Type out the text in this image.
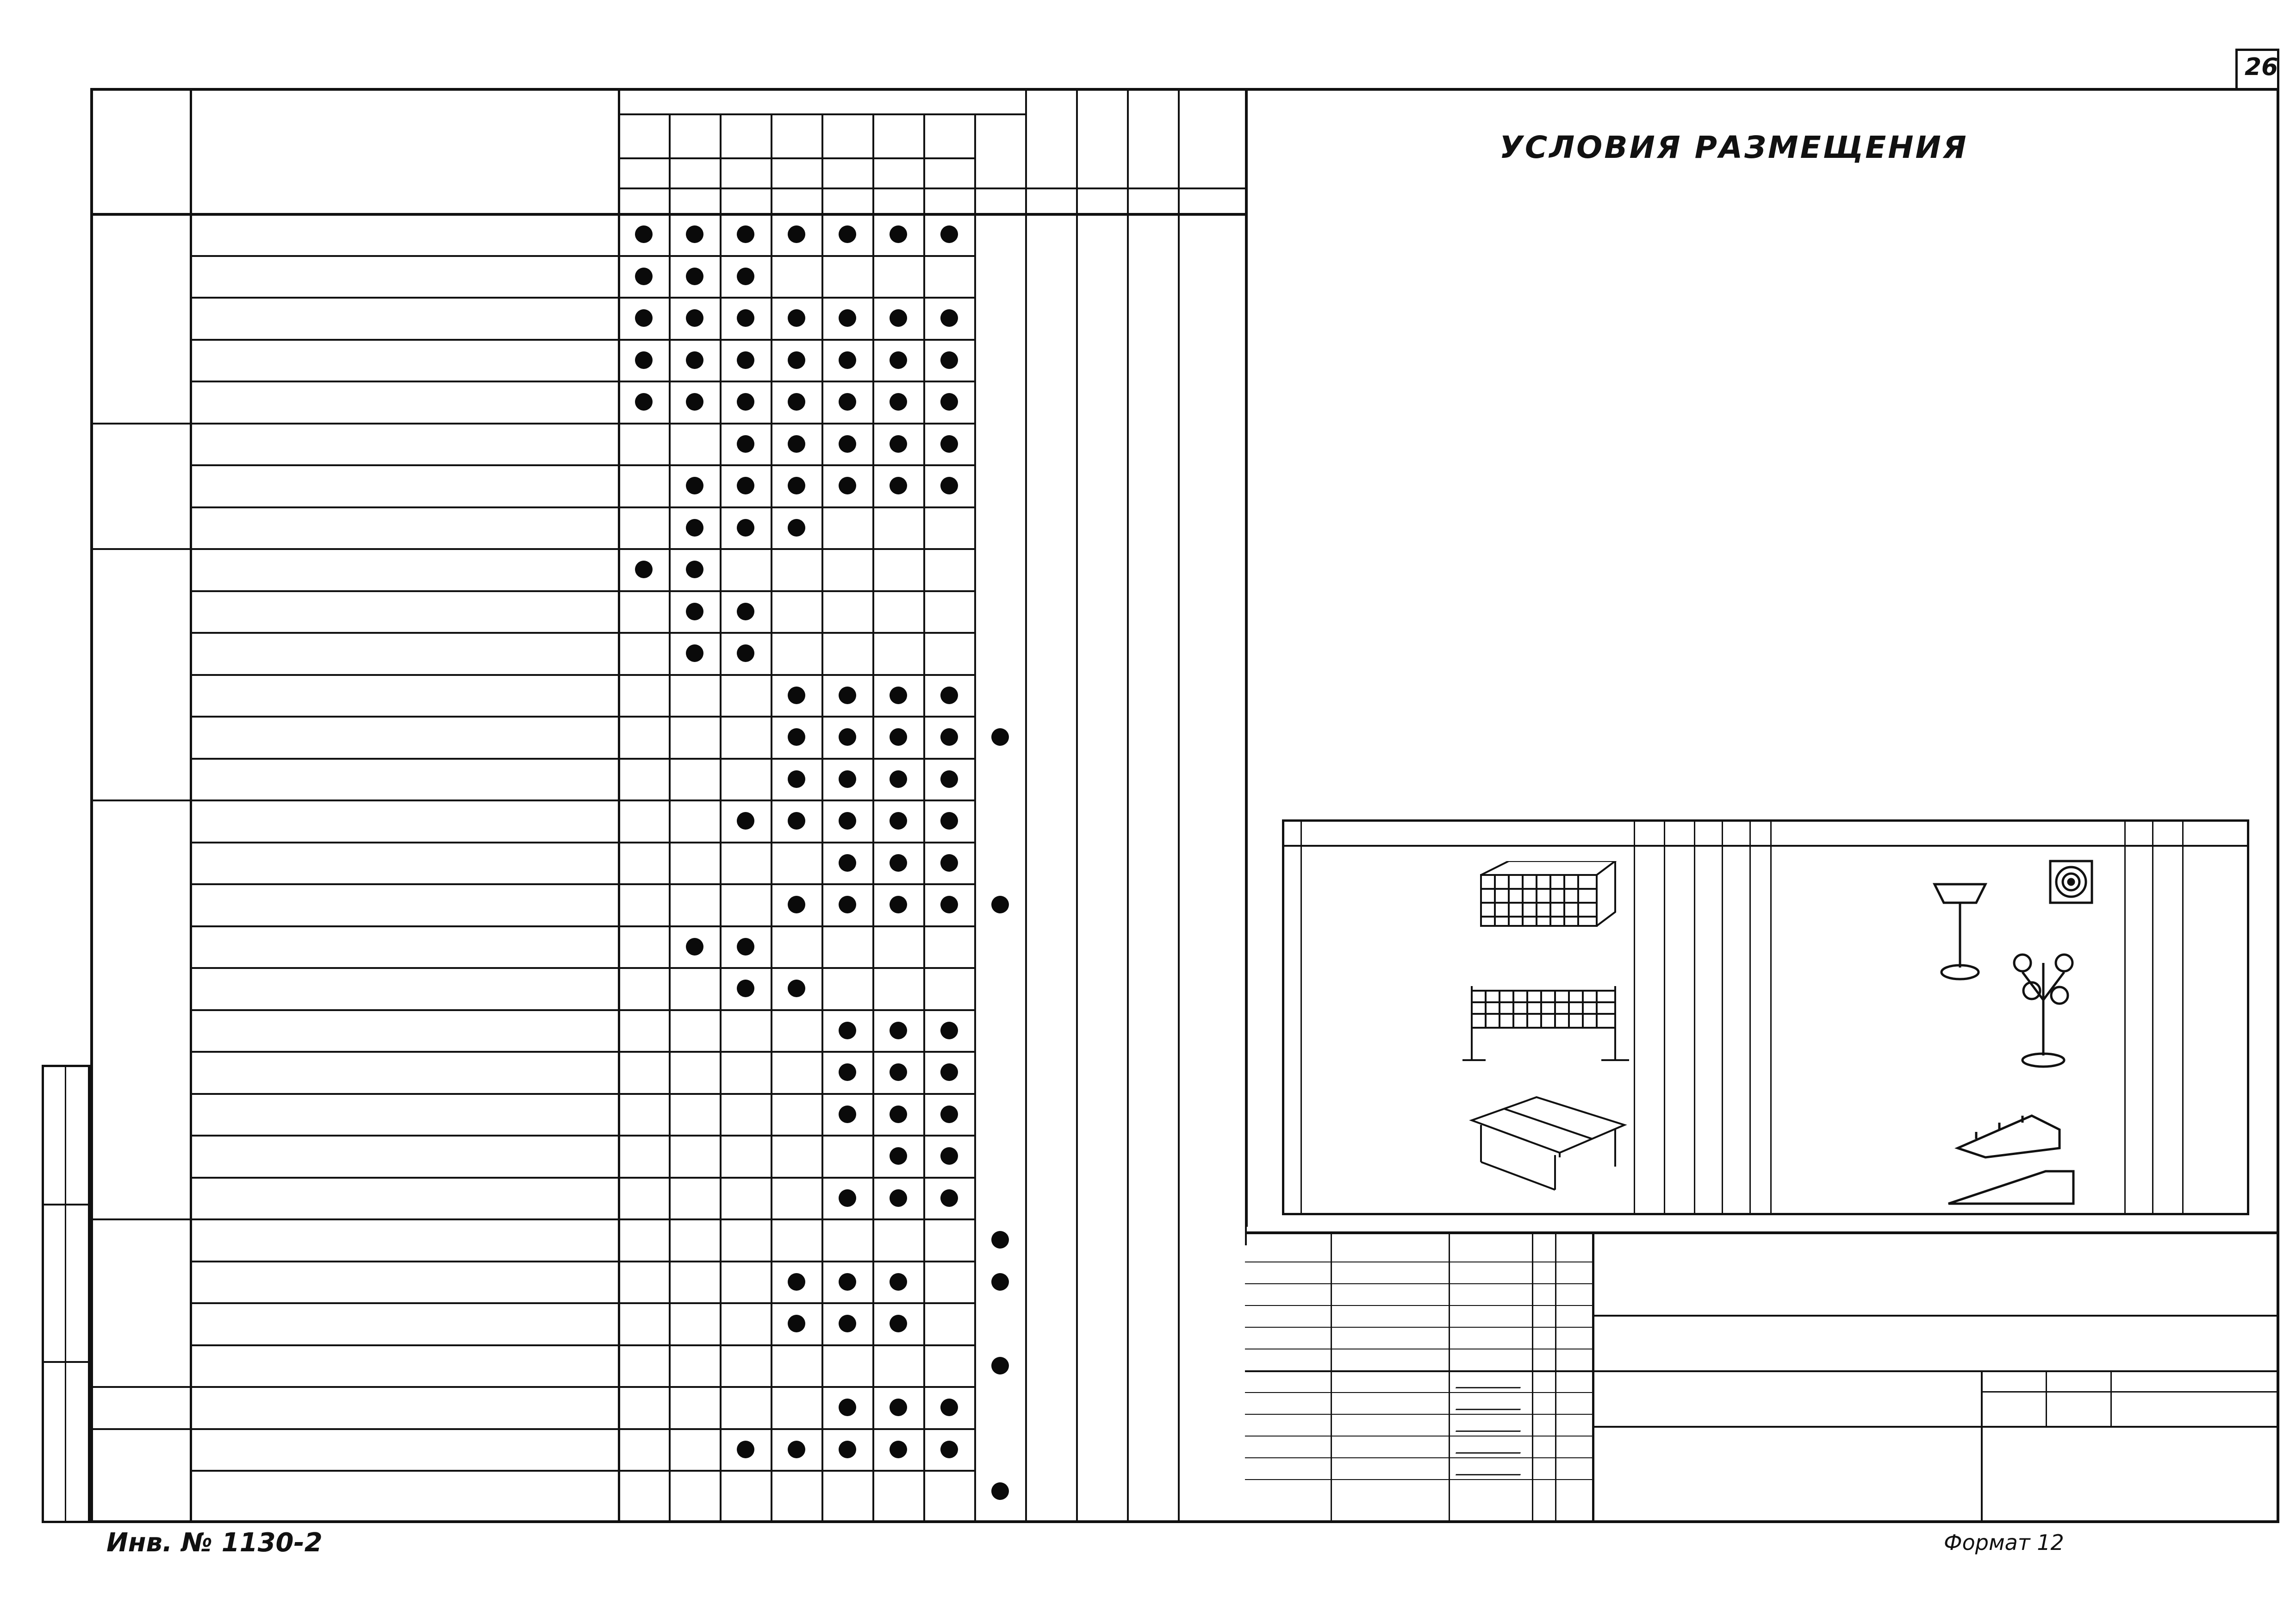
26
УСЛОВИЯ РАЗМЕЩЕНИЯ
Инв. № 1130-2	Формат 12
